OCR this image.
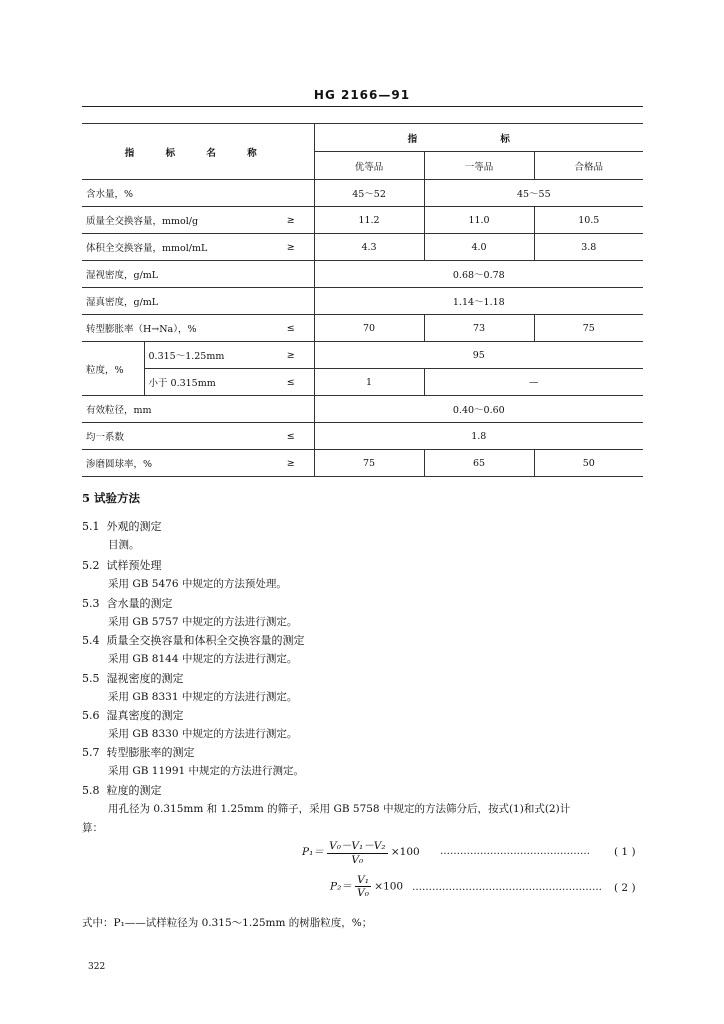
HG 2166—91
指 标 名 称			指 标		
			优等品	一等品	合格品
含水量，%			45～52	45～55	
质量全交换容量，mmol/g		≥	11.2	11.0	10.5
体积全交换容量，mmol/mL		≥	4.3	4.0	3.8
湿视密度，g/mL			0.68～0.78		
湿真密度，g/mL			1.14～1.18		
转型膨胀率（H→Na），%		≤	70	73	75
粒度，%	0.315～1.25mm	≥	95		
	小于 0.315mm	≤	1	—	
有效粒径，mm			0.40～0.60		
均一系数		≤	1.8		
渗磨圆球率，%		≥	75	65	50
5 试验方法
5.1 外观的测定
目测。
5.2 试样预处理
采用 GB 5476 中规定的方法预处理。
5.3 含水量的测定
采用 GB 5757 中规定的方法进行测定。
5.4 质量全交换容量和体积全交换容量的测定
采用 GB 8144 中规定的方法进行测定。
5.5 湿视密度的测定
采用 GB 8331 中规定的方法进行测定。
5.6 湿真密度的测定
采用 GB 8330 中规定的方法进行测定。
5.7 转型膨胀率的测定
采用 GB 11991 中规定的方法进行测定。
5.8 粒度的测定
用孔径为 0.315mm 和 1.25mm 的筛子，采用 GB 5758 中规定的方法筛分后，按式(1)和式(2)计
算：
$P_1= \frac{\text{V₀－V₁－V₂}}{\text{V₀}} \times 100$ ………………………………………	( 1 )
$P_2= \frac{\text{V₁}}{\text{V₀}} \times 100$ …………………………………………………	( 2 )
式中：P₁——试样粒径为 0.315～1.25mm 的树脂粒度，%；
322
